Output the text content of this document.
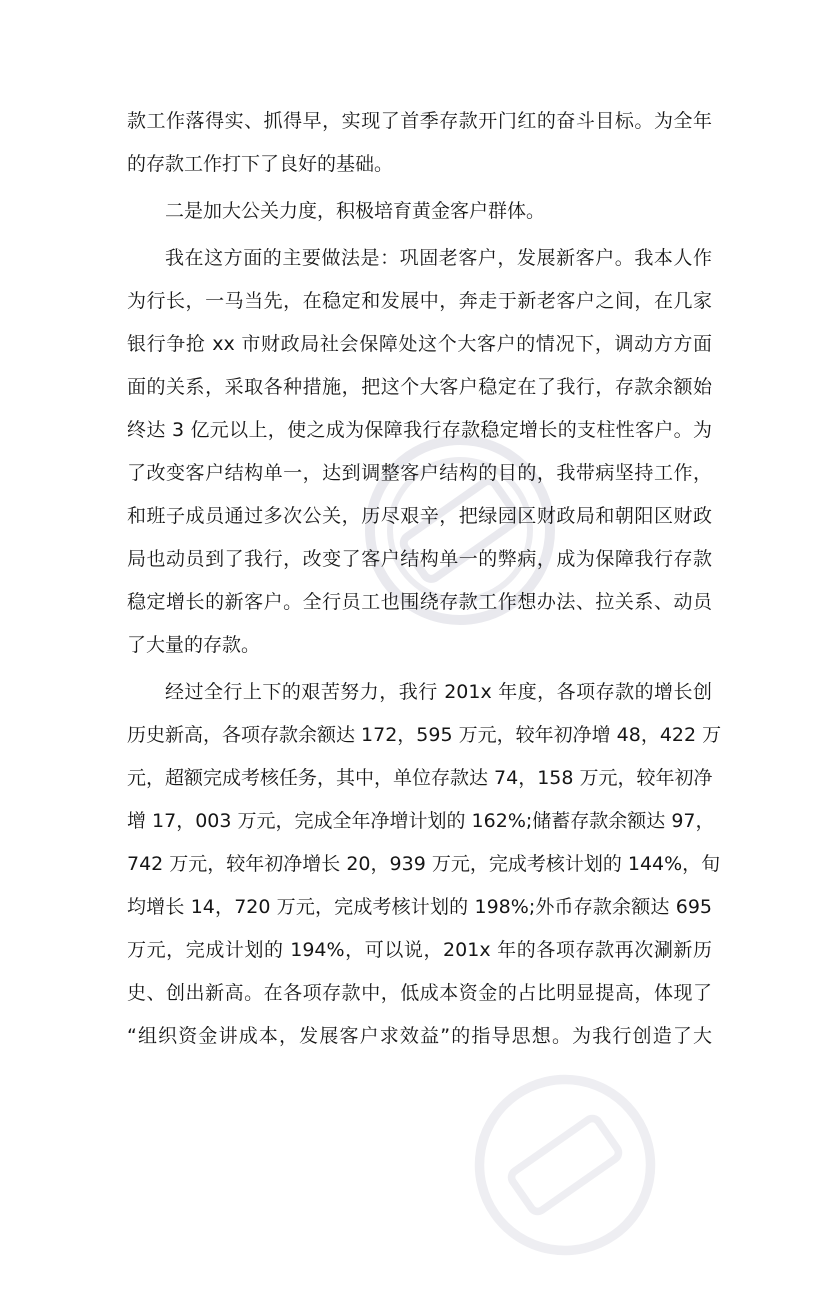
款工作落得实、抓得早，实现了首季存款开门红的奋斗目标。为全年
的存款工作打下了良好的基础。
二是加大公关力度，积极培育黄金客户群体。
我在这方面的主要做法是：巩固老客户，发展新客户。我本人作
为行长，一马当先，在稳定和发展中，奔走于新老客户之间，在几家
银行争抢 xx 市财政局社会保障处这个大客户的情况下，调动方方面
面的关系，采取各种措施，把这个大客户稳定在了我行，存款余额始
终达 3 亿元以上，使之成为保障我行存款稳定增长的支柱性客户。为
了改变客户结构单一，达到调整客户结构的目的，我带病坚持工作，
和班子成员通过多次公关，历尽艰辛，把绿园区财政局和朝阳区财政
局也动员到了我行，改变了客户结构单一的弊病，成为保障我行存款
稳定增长的新客户。全行员工也围绕存款工作想办法、拉关系、动员
了大量的存款。
经过全行上下的艰苦努力，我行 201x 年度，各项存款的增长创
历史新高，各项存款余额达 172，595 万元，较年初净增 48，422 万
元，超额完成考核任务，其中，单位存款达 74，158 万元，较年初净
增 17，003 万元，完成全年净增计划的 162%;储蓄存款余额达 97，
742 万元，较年初净增长 20，939 万元，完成考核计划的 144%，旬
均增长 14，720 万元，完成考核计划的 198%;外币存款余额达 695
万元，完成计划的 194%，可以说，201x 年的各项存款再次涮新历
史、创出新高。在各项存款中，低成本资金的占比明显提高，体现了
“组织资金讲成本，发展客户求效益”的指导思想。为我行创造了大
